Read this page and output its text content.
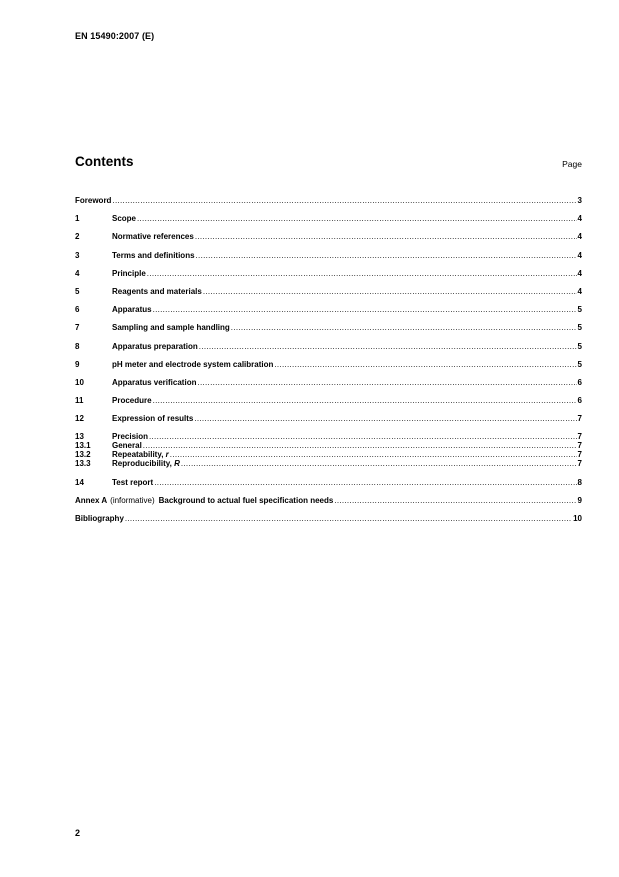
EN 15490:2007 (E)
Contents	Page
Foreword .....	3
1	Scope .....	4
2	Normative references .....	4
3	Terms and definitions .....	4
4	Principle .....	4
5	Reagents and materials .....	4
6	Apparatus .....	5
7	Sampling and sample handling .....	5
8	Apparatus preparation .....	5
9	pH meter and electrode system calibration .....	5
10	Apparatus verification .....	6
11	Procedure .....	6
12	Expression of results .....	7
13	Precision .....	7
13.1	General .....	7
13.2	Repeatability, r .....	7
13.3	Reproducibility, R .....	7
14	Test report .....	8
Annex A (informative) Background to actual fuel specification needs .....	9
Bibliography .....	10
2
